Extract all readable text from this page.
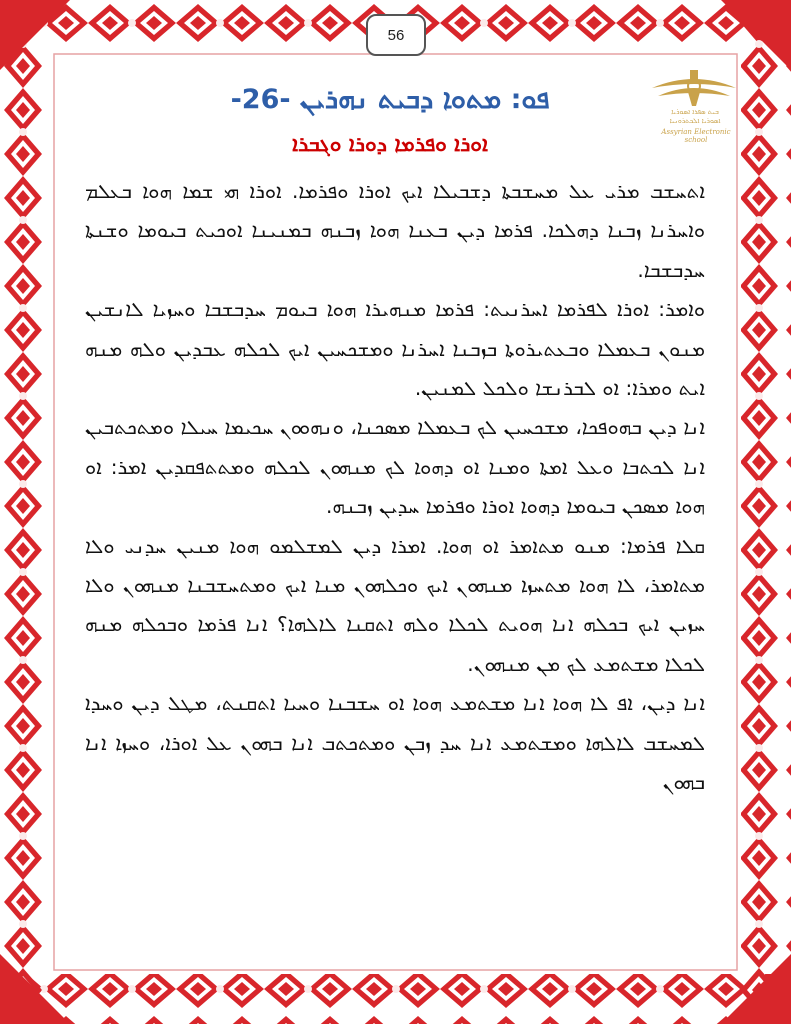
56
ܒܝܬ ܣܦܪܐ ܐܣܘܪܝܐ
ܐܣܘܪܝܐ ܐܠܟܬܪܘܢܝܐ
Assyrian Electronic school
ܦܘ: ܡܬܘܐ ܕܒܝܬ ܢܗܪܝܢ -26-
ܐܘܪܐ ܘܦܪܡܐ ܕܘܪܐ ܘܓܒܪܐ

ܐܬܚܫܒ ܡܪܝ ܥܠ ܡܚܫܒܬܐ ܕܫܒܝܠܐ ܐܝܟ ܐܘܪܐ ܘܦܪܡܐ. ܐܘܪܐ ܗܝ ܫܡܐ ܗܘܐ ܒܥܠܡ ܘܐܚܪܢܐ ܙܒܢܐ ܕܗܠܟܐ. ܦܪܡܐ ܕܝܢ ܒܥܢܐ ܗܘܐ ܙܒܢܗ ܒܡܢܝܢܐ ܐܘܟܝܬ ܒܝܘܡܐ ܘܫܢܬܐ ܚܕܒܫܒܐ.

ܘܐܡܪ: ܐܘܪܐ ܠܦܪܡܐ ܐܚܪܢܝܬ: ܦܪܡܐ ܡܢܗܝܪܐ ܗܘܐ ܒܝܘܡ ܚܕܒܫܒܐ ܘܚܙܝܐ ܠܐܢܫܝܢ ܡܢܘܢ ܒܥܡܠܐ ܘܒܥܬܝܪܘܬܐ ܒܙܒܢܐ ܐܚܪܢܐ ܘܡܫܟܚܝܢ ܐܝܟ ܠܟܠܗ ܥܒܕܝܢ ܘܠܗ ܡܢܗ ܐܝܬ ܘܡܪܐ: ܐܘ ܠܒܪܢܫܐ ܘܠܟܠ ܠܡܢܝܢ.

ܐܢܐ ܕܝܢ ܒܗܘܦܟܐ، ܡܫܟܚܝܢ ܠܟ ܒܥܡܠܐ ܡܣܟܢܐ، ܘܢܗܘܘܢ ܚܟܝܡܐ ܚܝܠܐ ܘܡܬܟܬܒܝܢ ܐܢܐ ܠܟܬܒܐ ܘܥܠ ܐܡܬܐ ܘܡܢܐ ܐܘ ܕܗܘܐ ܠܟ ܡܢܗܘܢ ܠܟܠܗ ܘܡܬܬܦܩܕܝܢ ܐܡܪ: ܐܘ ܗܘܐ ܡܣܟܢ ܒܝܘܡܐ ܕܗܘܐ ܐܘܪܐ ܘܦܪܡܐ ܚܕܝܢ ܙܒܢܗ.

ܩܠܐ ܦܪܡܐ: ܡܢܘ ܡܬܐܡܪ ܐܘ ܗܘܐ. ܐܡܪܐ ܕܝܢ ܠܡܫܠܡܘ ܗܘܐ ܡܢܝܢ ܚܕܢܝ ܘܠܐ ܡܬܐܡܪ، ܠܐ ܗܘܐ ܡܬܚܙܐ ܡܢܗܘܢ ܐܝܟ ܘܟܠܗܘܢ ܡܢܐ ܐܝܟ ܘܡܬܚܫܒܢܐ ܡܢܗܘܢ ܘܠܐ ܚܙܝܢ ܐܝܟ ܒܟܠܗ ܐܢܐ ܗܘܝܬ ܠܟܠܐ ܘܠܗ ܐܬܩܢܐ ܠܐܠܗܐ؟ ܐܢܐ ܦܪܡܐ ܘܒܟܠܗ ܡܢܗ ܠܟܠܐ ܡܫܬܡܥ ܠܟ ܡܢ ܡܢܗܘܢ.

ܐܢܐ ܕܝܢ، ܐܦ ܠܐ ܗܘܐ ܐܢܐ ܡܫܬܡܥ ܗܘܐ ܐܘ ܚܫܒܢܐ ܘܚܝܐ ܐܬܩܢܬ، ܡܛܠ ܕܝܢ ܘܚܕܐ ܠܡܚܫܒ ܠܐܠܗܐ ܘܡܫܬܡܥ ܐܢܐ ܚܕ ܙܒܢ ܘܡܬܟܬܒ ܐܢܐ ܒܗܘܢ ܥܠ ܐܘܪܐ، ܘܚܙܐ ܐܢܐ ܒܗܘܢ
